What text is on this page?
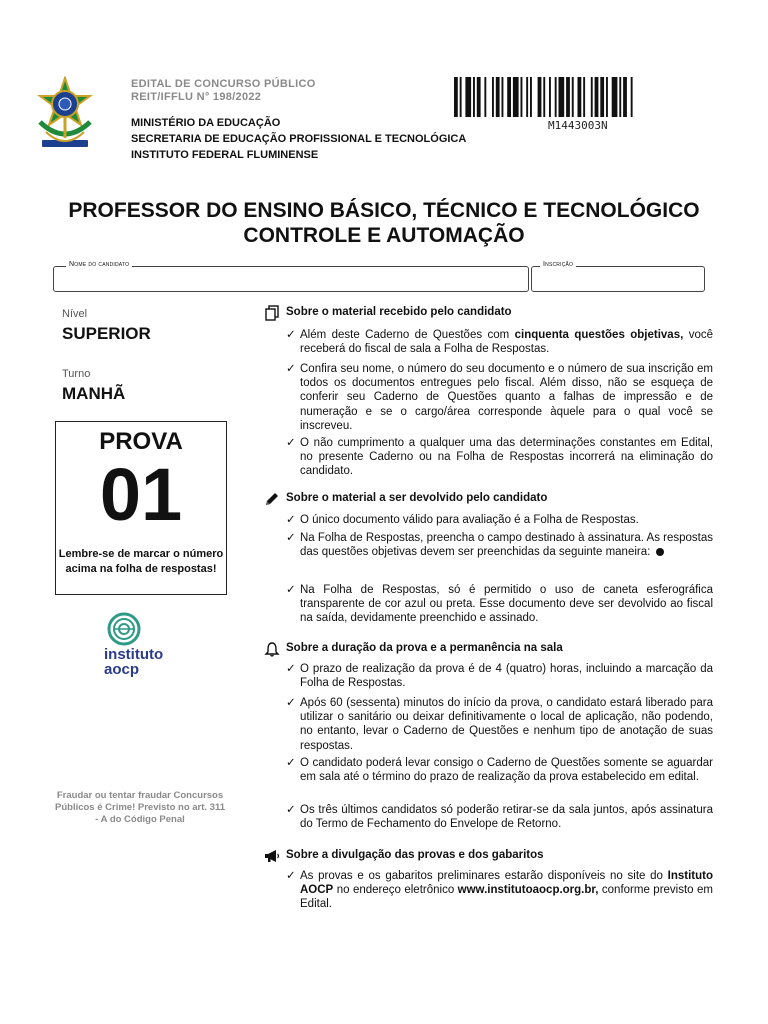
EDITAL DE CONCURSO PÚBLICO
REIT/IFFLU N° 198/2022
MINISTÉRIO DA EDUCAÇÃO
SECRETARIA DE EDUCAÇÃO PROFISSIONAL E TECNOLÓGICA
INSTITUTO FEDERAL FLUMINENSE
M1443003N
PROFESSOR DO ENSINO BÁSICO, TÉCNICO E TECNOLÓGICO
CONTROLE E AUTOMAÇÃO
Nome do candidato	Inscrição
Nível
SUPERIOR
Turno
MANHÃ
PROVA
01
Lembre-se de marcar o número acima na folha de respostas!
instituto
aocp
Fraudar ou tentar fraudar Concursos Públicos é Crime! Previsto no art. 311 - A do Código Penal
Sobre o material recebido pelo candidato
✓ Além deste Caderno de Questões com cinquenta questões objetivas, você receberá do fiscal de sala a Folha de Respostas.
✓ Confira seu nome, o número do seu documento e o número de sua inscrição em todos os documentos entregues pelo fiscal. Além disso, não se esqueça de conferir seu Caderno de Questões quanto a falhas de impressão e de numeração e se o cargo/área corresponde àquele para o qual você se inscreveu.
✓ O não cumprimento a qualquer uma das determinações constantes em Edital, no presente Caderno ou na Folha de Respostas incorrerá na eliminação do candidato.
Sobre o material a ser devolvido pelo candidato
✓ O único documento válido para avaliação é a Folha de Respostas.
✓ Na Folha de Respostas, preencha o campo destinado à assinatura. As respostas das questões objetivas devem ser preenchidas da seguinte maneira:
✓ Na Folha de Respostas, só é permitido o uso de caneta esferográfica transparente de cor azul ou preta. Esse documento deve ser devolvido ao fiscal na saída, devidamente preenchido e assinado.
Sobre a duração da prova e a permanência na sala
✓ O prazo de realização da prova é de 4 (quatro) horas, incluindo a marcação da Folha de Respostas.
✓ Após 60 (sessenta) minutos do início da prova, o candidato estará liberado para utilizar o sanitário ou deixar definitivamente o local de aplicação, não podendo, no entanto, levar o Caderno de Questões e nenhum tipo de anotação de suas respostas.
✓ O candidato poderá levar consigo o Caderno de Questões somente se aguardar em sala até o término do prazo de realização da prova estabelecido em edital.
✓ Os três últimos candidatos só poderão retirar-se da sala juntos, após assinatura do Termo de Fechamento do Envelope de Retorno.
Sobre a divulgação das provas e dos gabaritos
✓ As provas e os gabaritos preliminares estarão disponíveis no site do Instituto AOCP no endereço eletrônico www.institutoaocp.org.br, conforme previsto em Edital.
